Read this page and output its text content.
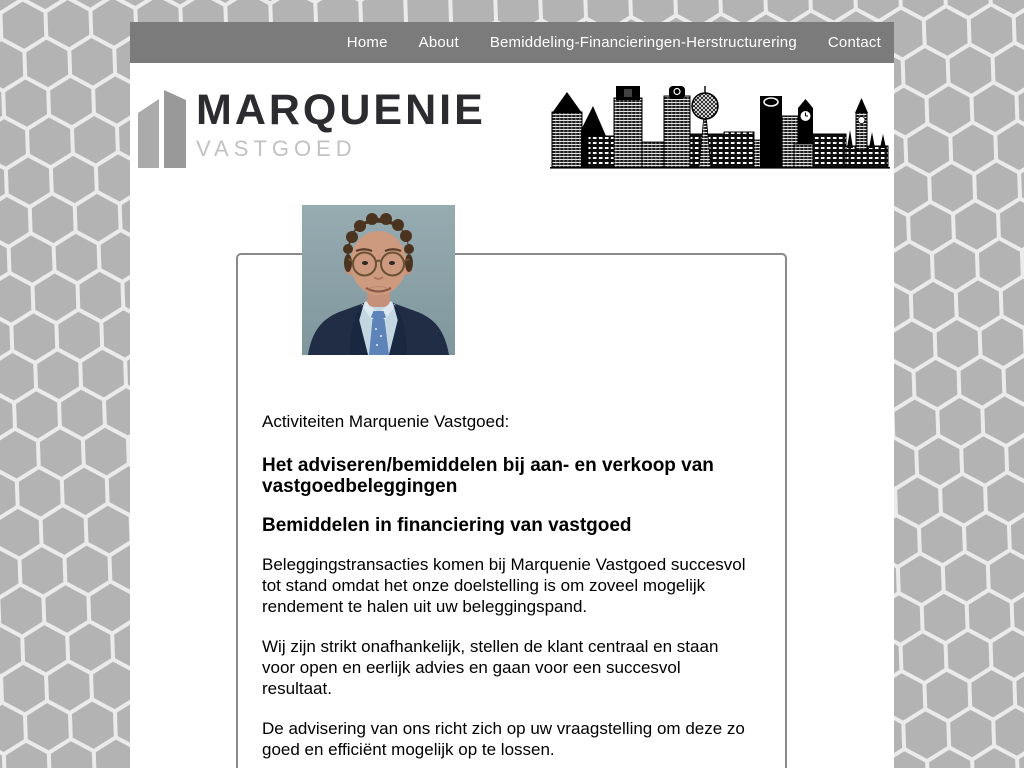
Home About Bemiddeling-Financieringen-Herstructurering Contact
MARQUENIE
VASTGOED

Activiteiten Marquenie Vastgoed:

Het adviseren/bemiddelen bij aan- en verkoop van vastgoedbeleggingen
Bemiddelen in financiering van vastgoed

Beleggingstransacties komen bij Marquenie Vastgoed succesvol tot stand omdat het onze doelstelling is om zoveel mogelijk rendement te halen uit uw beleggingspand.

Wij zijn strikt onafhankelijk, stellen de klant centraal en staan voor open en eerlijk advies en gaan voor een succesvol resultaat.

De advisering van ons richt zich op uw vraagstelling om deze zo goed en efficiënt mogelijk op te lossen.
